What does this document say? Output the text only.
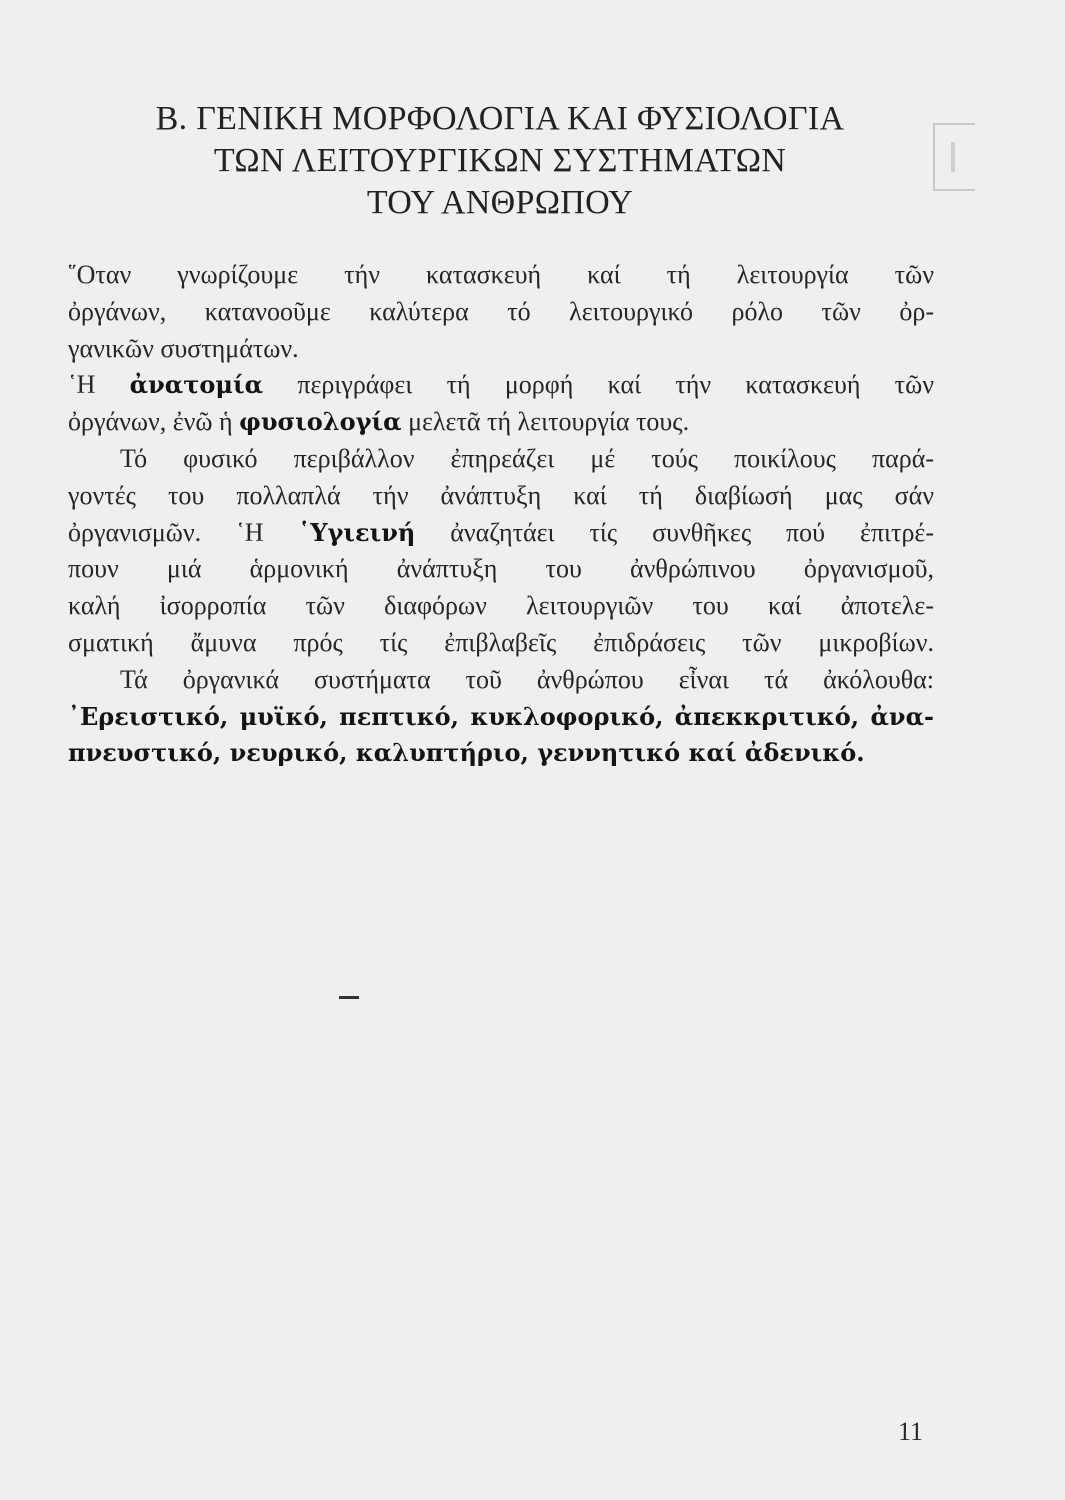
Β. ΓΕΝΙΚΗ ΜΟΡΦΟΛΟΓΙΑ ΚΑΙ ΦΥΣΙΟΛΟΓΙΑ
ΤΩΝ ΛΕΙΤΟΥΡΓΙΚΩΝ ΣΥΣΤΗΜΑΤΩΝ
ΤΟΥ ΑΝΘΡΩΠΟΥ
῞Οταν γνωρίζουμε τήν κατασκευή καί τή λειτουργία τῶν
ὀργάνων, κατανοοῦμε καλύτερα τό λειτουργικό ρόλο τῶν ὀρ-
γανικῶν συστημάτων.
῾Η ἀνατομία περιγράφει τή μορφή καί τήν κατασκευή τῶν
ὀργάνων, ἐνῶ ἡ φυσιολογία μελετᾶ τή λειτουργία τους.
Τό φυσικό περιβάλλον ἐπηρεάζει μέ τούς ποικίλους παρά-
γοντές του πολλαπλά τήν ἀνάπτυξη καί τή διαβίωσή μας σάν
ὀργανισμῶν. ῾Η ῾Υγιεινή ἀναζητάει τίς συνθῆκες πού ἐπιτρέ-
πουν μιά ἁρμονική ἀνάπτυξη του ἀνθρώπινου ὀργανισμοῦ,
καλή ἰσορροπία τῶν διαφόρων λειτουργιῶν του καί ἀποτελε-
σματική ἄμυνα πρός τίς ἐπιβλαβεῖς ἐπιδράσεις τῶν μικροβίων.
Τά ὀργανικά συστήματα τοῦ ἀνθρώπου εἶναι τά ἀκόλουθα:
᾿Ερειστικό, μυϊκό, πεπτικό, κυκλοφορικό, ἀπεκκριτικό, ἀνα-
πνευστικό, νευρικό, καλυπτήριο, γεννητικό καί ἀδενικό.
11
